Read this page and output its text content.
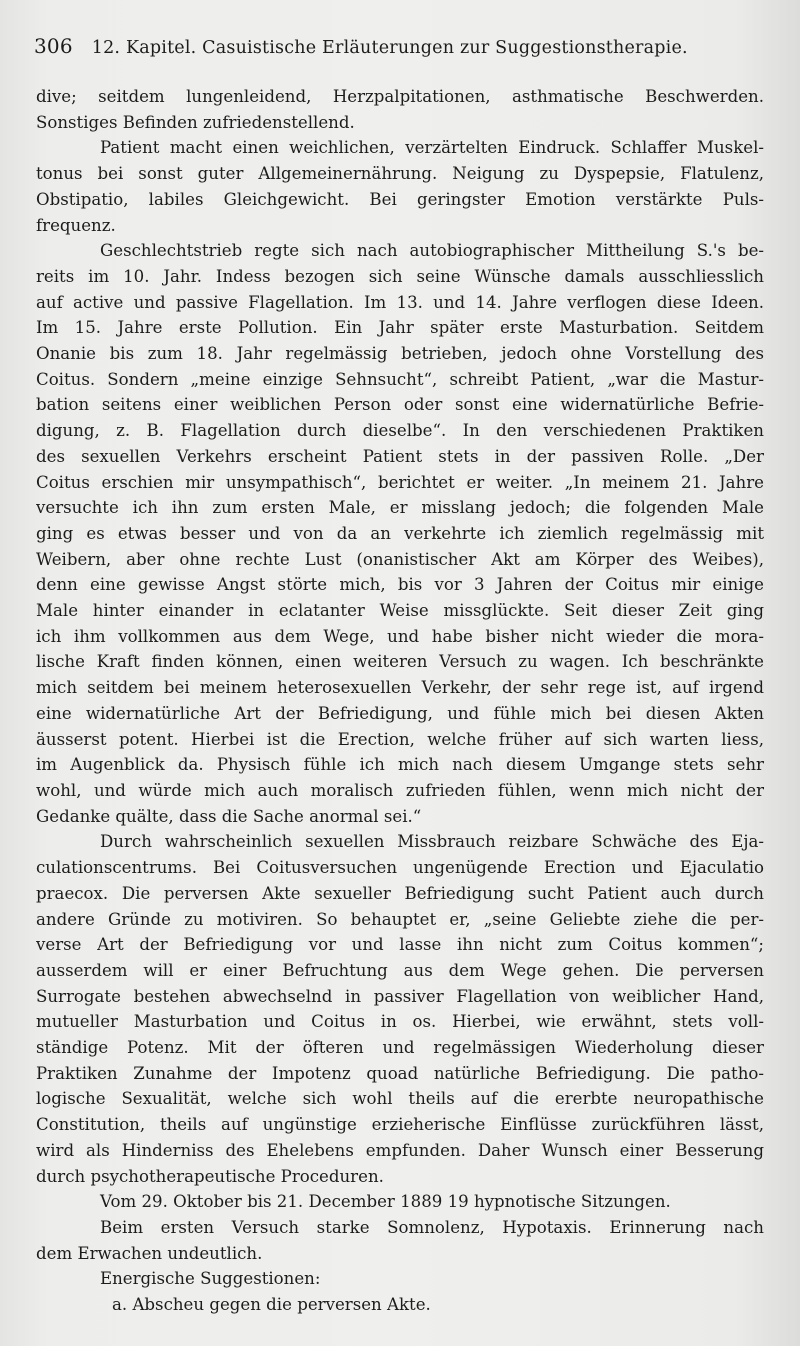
306 12. Kapitel. Casuistische Erläuterungen zur Suggestionstherapie.

dive; seitdem lungenleidend, Herzpalpitationen, asthmatische Beschwerden.

Sonstiges Befinden zufriedenstellend.

Patient macht einen weichlichen, verzärtelten Eindruck. Schlaffer Muskel-

tonus bei sonst guter Allgemeinernährung. Neigung zu Dyspepsie, Flatulenz,

Obstipatio, labiles Gleichgewicht. Bei geringster Emotion verstärkte Puls-

frequenz.

Geschlechtstrieb regte sich nach autobiographischer Mittheilung S.'s be-

reits im 10. Jahr. Indess bezogen sich seine Wünsche damals ausschliesslich

auf active und passive Flagellation. Im 13. und 14. Jahre verflogen diese Ideen.

Im 15. Jahre erste Pollution. Ein Jahr später erste Masturbation. Seitdem

Onanie bis zum 18. Jahr regelmässig betrieben, jedoch ohne Vorstellung des

Coitus. Sondern „meine einzige Sehnsucht“, schreibt Patient, „war die Mastur-

bation seitens einer weiblichen Person oder sonst eine widernatürliche Befrie-

digung, z. B. Flagellation durch dieselbe“. In den verschiedenen Praktiken

des sexuellen Verkehrs erscheint Patient stets in der passiven Rolle. „Der

Coitus erschien mir unsympathisch“, berichtet er weiter. „In meinem 21. Jahre

versuchte ich ihn zum ersten Male, er misslang jedoch; die folgenden Male

ging es etwas besser und von da an verkehrte ich ziemlich regelmässig mit

Weibern, aber ohne rechte Lust (onanistischer Akt am Körper des Weibes),

denn eine gewisse Angst störte mich, bis vor 3 Jahren der Coitus mir einige

Male hinter einander in eclatanter Weise missglückte. Seit dieser Zeit ging

ich ihm vollkommen aus dem Wege, und habe bisher nicht wieder die mora-

lische Kraft finden können, einen weiteren Versuch zu wagen. Ich beschränkte

mich seitdem bei meinem heterosexuellen Verkehr, der sehr rege ist, auf irgend

eine widernatürliche Art der Befriedigung, und fühle mich bei diesen Akten

äusserst potent. Hierbei ist die Erection, welche früher auf sich warten liess,

im Augenblick da. Physisch fühle ich mich nach diesem Umgange stets sehr

wohl, und würde mich auch moralisch zufrieden fühlen, wenn mich nicht der

Gedanke quälte, dass die Sache anormal sei.“

Durch wahrscheinlich sexuellen Missbrauch reizbare Schwäche des Eja-

culationscentrums. Bei Coitusversuchen ungenügende Erection und Ejaculatio

praecox. Die perversen Akte sexueller Befriedigung sucht Patient auch durch

andere Gründe zu motiviren. So behauptet er, „seine Geliebte ziehe die per-

verse Art der Befriedigung vor und lasse ihn nicht zum Coitus kommen“;

ausserdem will er einer Befruchtung aus dem Wege gehen. Die perversen

Surrogate bestehen abwechselnd in passiver Flagellation von weiblicher Hand,

mutueller Masturbation und Coitus in os. Hierbei, wie erwähnt, stets voll-

ständige Potenz. Mit der öfteren und regelmässigen Wiederholung dieser

Praktiken Zunahme der Impotenz quoad natürliche Befriedigung. Die patho-

logische Sexualität, welche sich wohl theils auf die ererbte neuropathische

Constitution, theils auf ungünstige erzieherische Einflüsse zurückführen lässt,

wird als Hinderniss des Ehelebens empfunden. Daher Wunsch einer Besserung

durch psychotherapeutische Proceduren.

Vom 29. Oktober bis 21. December 1889 19 hypnotische Sitzungen.

Beim ersten Versuch starke Somnolenz, Hypotaxis. Erinnerung nach

dem Erwachen undeutlich.

Energische Suggestionen:

a. Abscheu gegen die perversen Akte.
